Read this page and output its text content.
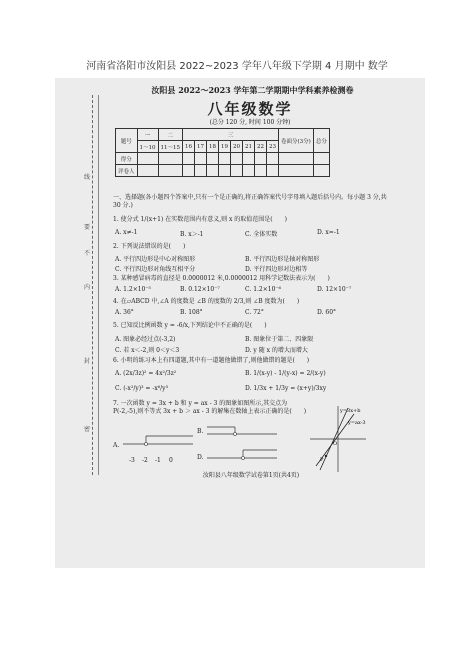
河南省洛阳市汝阳县 2022~2023 学年八年级下学期 4 月期中 数学
线
要
不
内
封
密
汝阳县 2022～2023 学年第二学期期中学科素养检测卷
八年级数学
(总分 120 分, 时间 100 分钟)
题号	一	二	三								卷面分(3分)	总分
	1～10	11～15	16	17	18	19	20	21	22	23		
得分												
评卷人												
一、选择题(各小题四个答案中,只有一个是正确的,将正确答案代号字母填入题后括号内。每小题 3 分,共 30 分.)
1. 使分式 1/(x+1) 在实数范围内有意义,则 x 的取值范围是(　　)
A. x≠-1	B. x＞-1	C. 全体实数	D. x=-1
2. 下列说法错误的是(　　)
A. 平行四边形是中心对称图形	B. 平行四边形是轴对称图形
C. 平行四边形对角线互相平分	D. 平行四边形对边相等
3. 某种感冒病毒的直径是 0.0000012 米,0.0000012 用科学记数法表示为(　　)
A. 1.2×10⁻⁵	B. 0.12×10⁻⁷	C. 1.2×10⁻⁶	D. 12×10⁻⁷
4. 在▱ABCD 中,∠A 的度数是 ∠B 的度数的 2/3,则 ∠B 度数为(　　)
A. 36°	B. 108°	C. 72°	D. 60°
5. 已知反比例函数 y = -6/x,下列结论中不正确的是(　　)
A. 图象必经过点(-3,2)	B. 图象位于第二、四象限
C. 若 x＜-2,则 0＜y＜3	D. y 随 x 的增大而增大
6. 小明的练习本上有四道题,其中有一道题他做错了,则他做错的题是(　　)
A. (2x/3z)² = 4x²/3z²	B. 1/(x-y) - 1/(y-x) = 2/(x-y)
C. (-x²/y)³ = -x⁶/y³	D. 1/3x + 1/3y = (x+y)/3xy
7. 一次函数 y = 3x + b 和 y = ax - 3 的图象如图所示,其交点为 P(-2,-5),则不等式 3x + b ＞ ax - 3 的解集在数轴上表示正确的是(　　)	y=3x+b
y=ax-3
O
P
A.
B.
D.
-3 -2 -1 0
汝阳县八年级数学试卷第1页(共4页)
